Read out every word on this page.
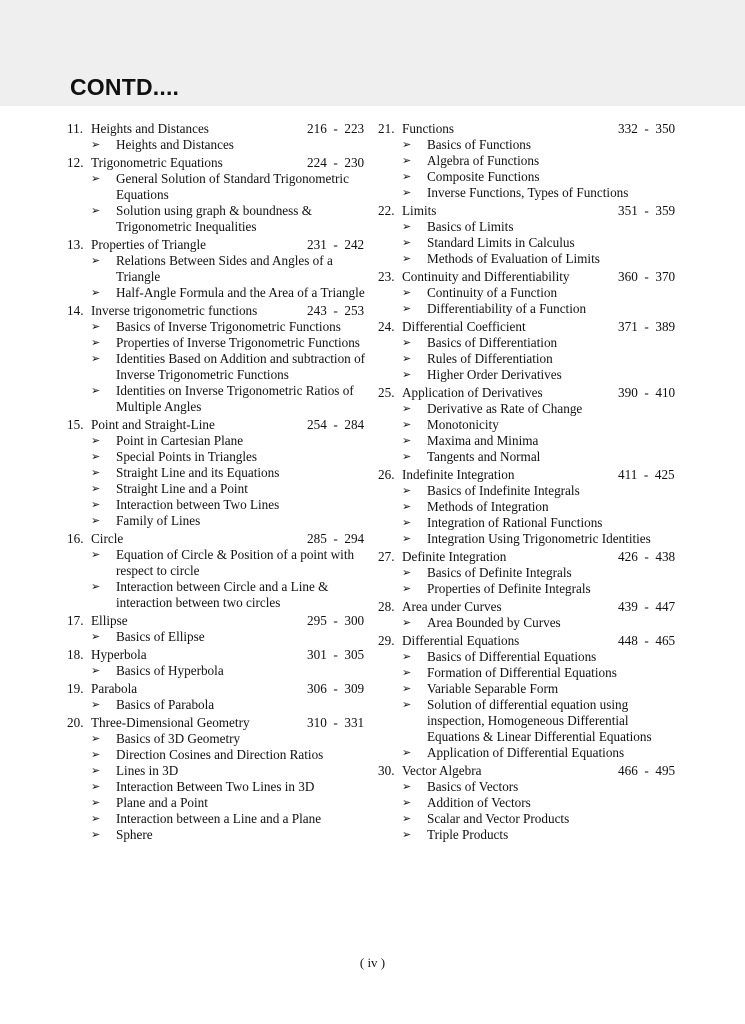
CONTD....
11. Heights and Distances	216  -  223
➢	Heights and Distances
12. Trigonometric Equations	224  -  230
➢	General Solution of Standard Trigonometric Equations
➢	Solution using graph & boundness & Trigonometric Inequalities
13. Properties of Triangle	231  -  242
➢	Relations Between Sides and Angles of a Triangle
➢	Half-Angle Formula and the Area of a Triangle
14. Inverse trigonometric functions	243  -  253
➢	Basics of Inverse Trigonometric Functions
➢	Properties of Inverse Trigonometric Functions
➢	Identities Based on Addition and subtraction of Inverse Trigonometric Functions
➢	Identities on Inverse Trigonometric Ratios of Multiple Angles
15. Point and Straight-Line	254  -  284
➢	Point in Cartesian Plane
➢	Special Points in Triangles
➢	Straight Line and its Equations
➢	Straight Line and a Point
➢	Interaction between Two Lines
➢	Family of Lines
16. Circle	285  -  294
➢	Equation of Circle & Position of a point with respect to circle
➢	Interaction between Circle and a Line & interaction between two circles
17. Ellipse	295  -  300
➢	Basics of Ellipse
18. Hyperbola	301  -  305
➢	Basics of Hyperbola
19. Parabola	306  -  309
➢	Basics of Parabola
20. Three-Dimensional Geometry	310  -  331
➢	Basics of 3D Geometry
➢	Direction Cosines and Direction Ratios
➢	Lines in 3D
➢	Interaction Between Two Lines in 3D
➢	Plane and a Point
➢	Interaction between a Line and a Plane
➢	Sphere
21. Functions	332  -  350
➢	Basics of Functions
➢	Algebra of Functions
➢	Composite Functions
➢	Inverse Functions, Types of Functions
22. Limits	351  -  359
➢	Basics of Limits
➢	Standard Limits in Calculus
➢	Methods of Evaluation of Limits
23. Continuity and Differentiability	360  -  370
➢	Continuity of a Function
➢	Differentiability of a Function
24. Differential Coefficient	371  -  389
➢	Basics of Differentiation
➢	Rules of Differentiation
➢	Higher Order Derivatives
25. Application of Derivatives	390  -  410
➢	Derivative as Rate of Change
➢	Monotonicity
➢	Maxima and Minima
➢	Tangents and Normal
26. Indefinite Integration	411  -  425
➢	Basics of Indefinite Integrals
➢	Methods of Integration
➢	Integration of Rational Functions
➢	Integration Using Trigonometric Identities
27. Definite Integration	426  -  438
➢	Basics of Definite Integrals
➢	Properties of Definite Integrals
28. Area under Curves	439  -  447
➢	Area Bounded by Curves
29. Differential Equations	448  -  465
➢	Basics of Differential Equations
➢	Formation of Differential Equations
➢	Variable Separable Form
➢	Solution of differential equation using inspection, Homogeneous Differential Equations & Linear Differential Equations
➢	Application of Differential Equations
30. Vector Algebra	466  -  495
➢	Basics of Vectors
➢	Addition of Vectors
➢	Scalar and Vector Products
➢	Triple Products
( iv )
